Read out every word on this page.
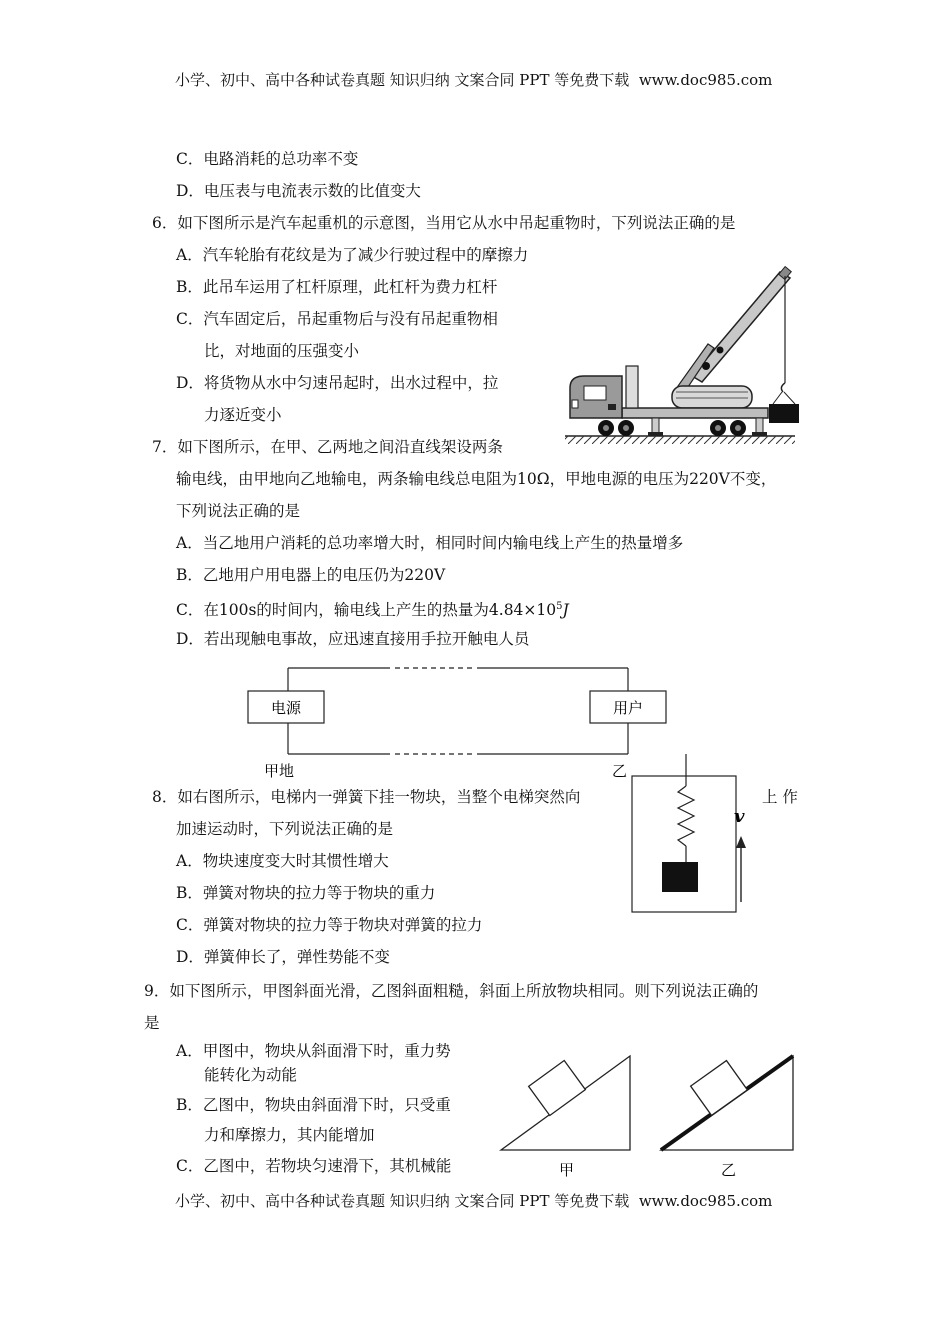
小学、初中、高中各种试卷真题 知识归纳 文案合同 PPT 等免费下载 www.doc985.com
C．电路消耗的总功率不变
D．电压表与电流表示数的比值变大
6．如下图所示是汽车起重机的示意图，当用它从水中吊起重物时，下列说法正确的是
A．汽车轮胎有花纹是为了减少行驶过程中的摩擦力
B．此吊车运用了杠杆原理，此杠杆为费力杠杆
C．汽车固定后，吊起重物后与没有吊起重物相
比，对地面的压强变小
D．将货物从水中匀速吊起时，出水过程中，拉
力逐近变小
7．如下图所示，在甲、乙两地之间沿直线架设两条
输电线，由甲地向乙地输电，两条输电线总电阻为10Ω，甲地电源的电压为220V不变，
下列说法正确的是
A．当乙地用户消耗的总功率增大时，相同时间内输电线上产生的热量增多
B．乙地用户用电器上的电压仍为220V
C．在100s的时间内，输电线上产生的热量为$4.84\times 10^5J$
D．若出现触电事故，应迅速直接用手拉开触电人员
电源	用户
甲地	乙
8．如右图所示，电梯内一弹簧下挂一物块，当整个电梯突然向	上 作
加速运动时，下列说法正确的是
A．物块速度变大时其惯性增大
B．弹簧对物块的拉力等于物块的重力
C．弹簧对物块的拉力等于物块对弹簧的拉力
D．弹簧伸长了，弹性势能不变
v
9．如下图所示，甲图斜面光滑，乙图斜面粗糙，斜面上所放物块相同。则下列说法正确的
是
A．甲图中，物块从斜面滑下时，重力势
能转化为动能
B．乙图中，物块由斜面滑下时，只受重
力和摩擦力，其内能增加
C．乙图中，若物块匀速滑下，其机械能	甲	乙
小学、初中、高中各种试卷真题 知识归纳 文案合同 PPT 等免费下载 www.doc985.com
